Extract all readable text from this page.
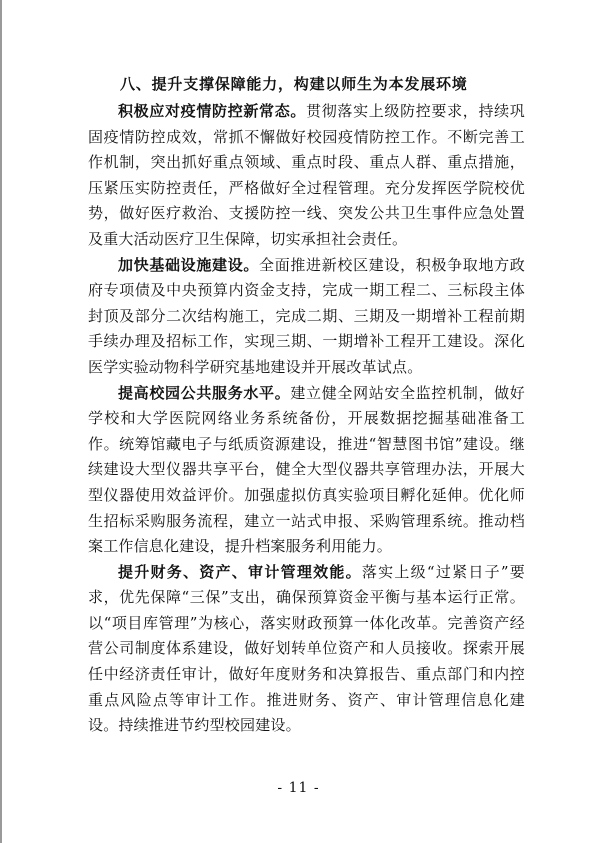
八、提升支撑保障能力，构建以师生为本发展环境

积极应对疫情防控新常态。贯彻落实上级防控要求，持续巩固疫情防控成效，常抓不懈做好校园疫情防控工作。不断完善工作机制，突出抓好重点领域、重点时段、重点人群、重点措施，压紧压实防控责任，严格做好全过程管理。充分发挥医学院校优势，做好医疗救治、支援防控一线、突发公共卫生事件应急处置及重大活动医疗卫生保障，切实承担社会责任。

加快基础设施建设。全面推进新校区建设，积极争取地方政府专项债及中央预算内资金支持，完成一期工程二、三标段主体封顶及部分二次结构施工，完成二期、三期及一期增补工程前期手续办理及招标工作，实现三期、一期增补工程开工建设。深化医学实验动物科学研究基地建设并开展改革试点。

提高校园公共服务水平。建立健全网站安全监控机制，做好学校和大学医院网络业务系统备份，开展数据挖掘基础准备工作。统筹馆藏电子与纸质资源建设，推进“智慧图书馆”建设。继续建设大型仪器共享平台，健全大型仪器共享管理办法，开展大型仪器使用效益评价。加强虚拟仿真实验项目孵化延伸。优化师生招标采购服务流程，建立一站式申报、采购管理系统。推动档案工作信息化建设，提升档案服务利用能力。

提升财务、资产、审计管理效能。落实上级“过紧日子”要求，优先保障“三保”支出，确保预算资金平衡与基本运行正常。以“项目库管理”为核心，落实财政预算一体化改革。完善资产经营公司制度体系建设，做好划转单位资产和人员接收。探索开展任中经济责任审计，做好年度财务和决算报告、重点部门和内控重点风险点等审计工作。推进财务、资产、审计管理信息化建设。持续推进节约型校园建设。

- 11 -
